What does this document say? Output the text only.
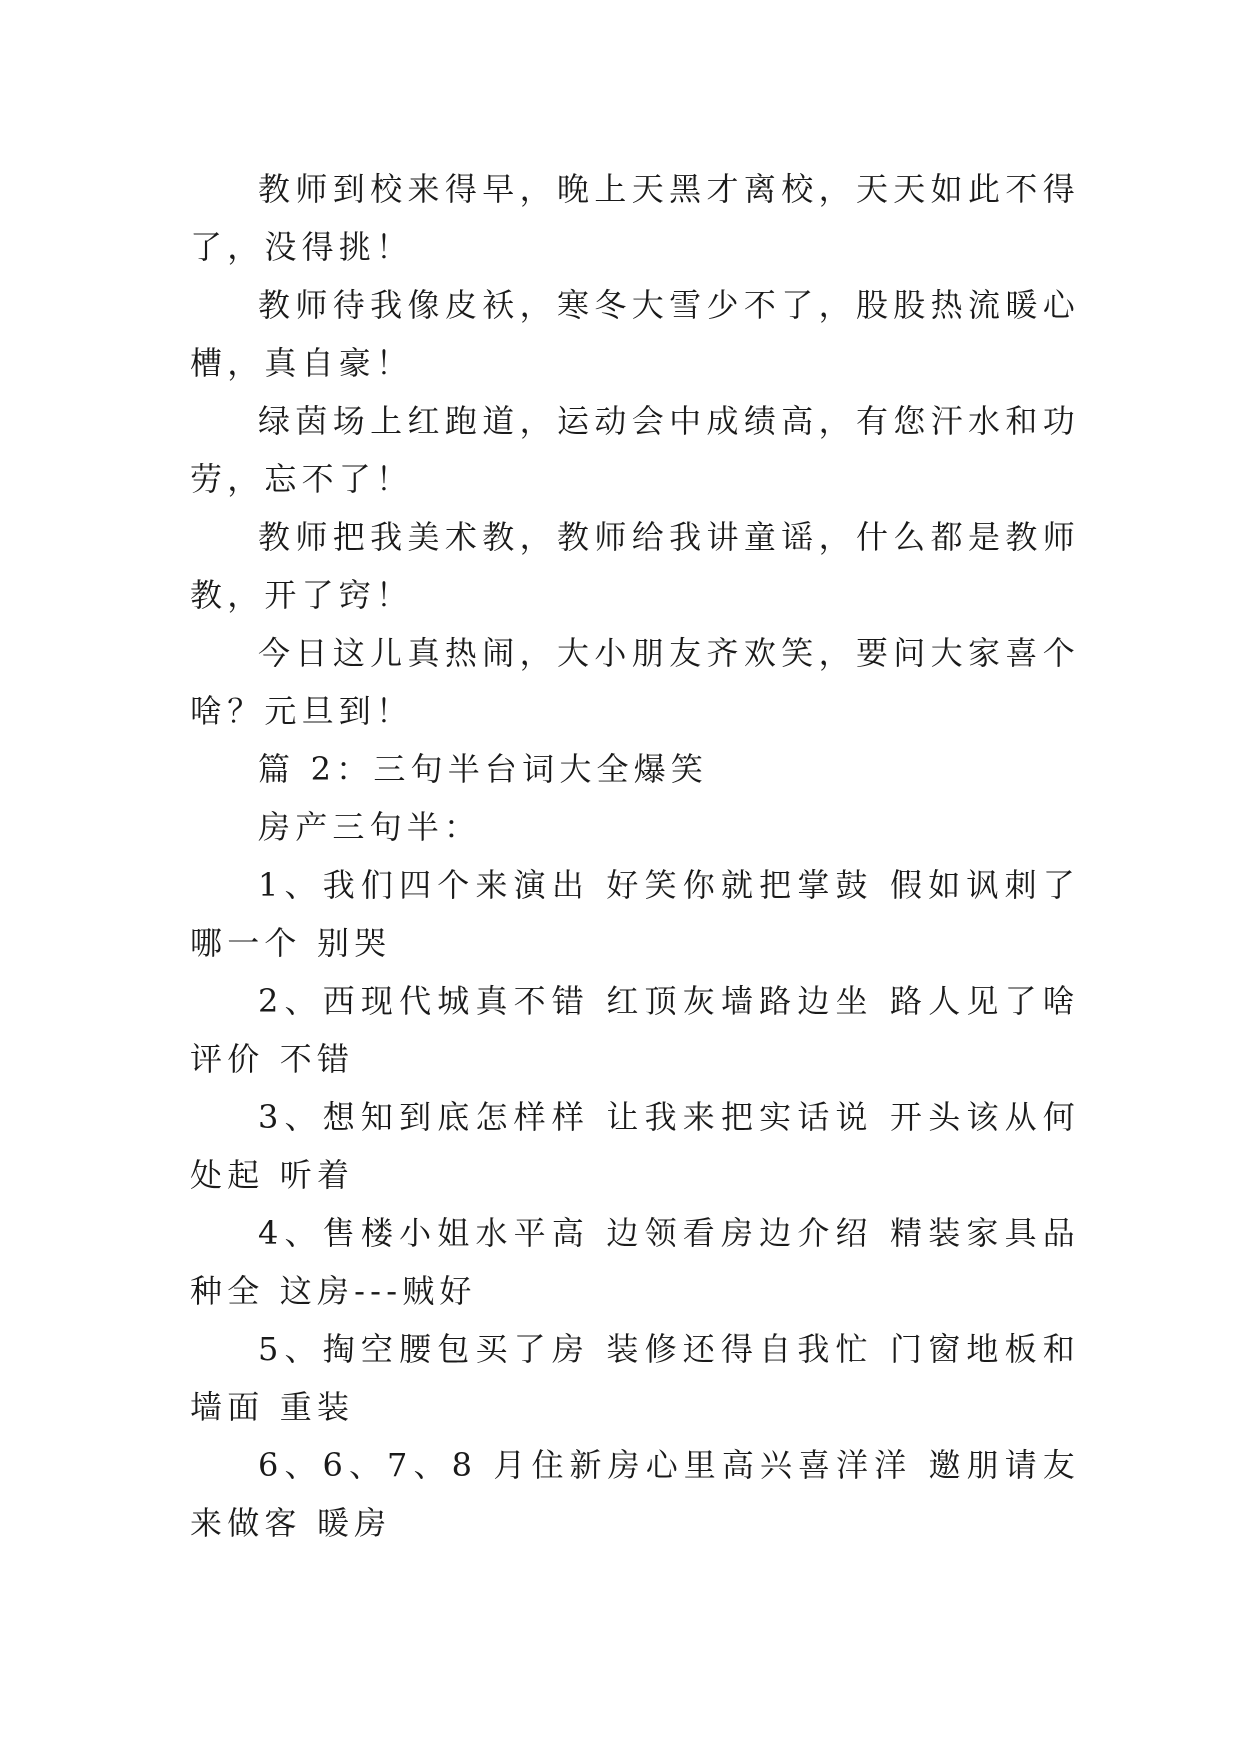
教师到校来得早，晚上天黑才离校，天天如此不得了，没得挑！

教师待我像皮袄，寒冬大雪少不了，股股热流暖心槽，真自豪！

绿茵场上红跑道，运动会中成绩高，有您汗水和功劳，忘不了！

教师把我美术教，教师给我讲童谣，什么都是教师教，开了窍！

今日这儿真热闹，大小朋友齐欢笑，要问大家喜个啥？元旦到！

篇 2：三句半台词大全爆笑

房产三句半：

1、我们四个来演出 好笑你就把掌鼓 假如讽刺了哪一个 别哭

2、西现代城真不错 红顶灰墙路边坐 路人见了啥评价 不错

3、想知到底怎样样 让我来把实话说 开头该从何处起 听着

4、售楼小姐水平高 边领看房边介绍 精装家具品种全 这房---贼好

5、掏空腰包买了房 装修还得自我忙 门窗地板和墙面 重装

6、6、7、8 月住新房心里高兴喜洋洋 邀朋请友来做客 暖房
